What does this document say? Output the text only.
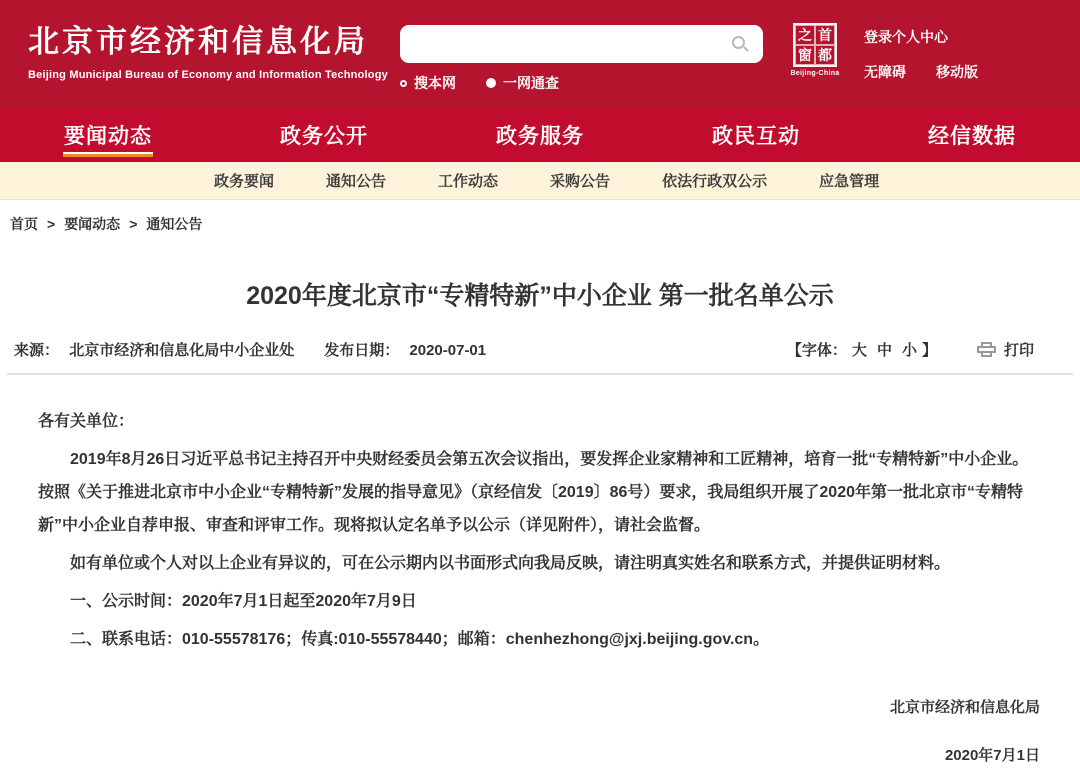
北京市经济和信息化局
Beijing Municipal Bureau of Economy and Information Technology 搜本网	一网通查
之 首
窗 都
Beijing-China
登录个人中心
无障碍 移动版
要闻动态	政务公开	政务服务	政民互动	经信数据
政务要闻	通知公告	工作动态	采购公告	依法行政双公示	应急管理
首页 > 要闻动态 > 通知公告
2020年度北京市“专精特新”中小企业 第一批名单公示
来源： 北京市经济和信息化局中小企业处 发布日期： 2020-07-01	【字体： 大 中 小 】	打印

各有关单位：

2019年8月26日习近平总书记主持召开中央财经委员会第五次会议指出，要发挥企业家精神和工匠精神，培育一批“专精特新”中小企业。按照《关于推进北京市中小企业“专精特新”发展的指导意见》（京经信发〔2019〕86号）要求，我局组织开展了2020年第一批北京市“专精特新”中小企业自荐申报、审查和评审工作。现将拟认定名单予以公示（详见附件），请社会监督。

如有单位或个人对以上企业有异议的，可在公示期内以书面形式向我局反映，请注明真实姓名和联系方式，并提供证明材料。

一、公示时间：2020年7月1日起至2020年7月9日

二、联系电话：010-55578176；传真:010-55578440；邮箱：chenhezhong@jxj.beijing.gov.cn。

北京市经济和信息化局
2020年7月1日
